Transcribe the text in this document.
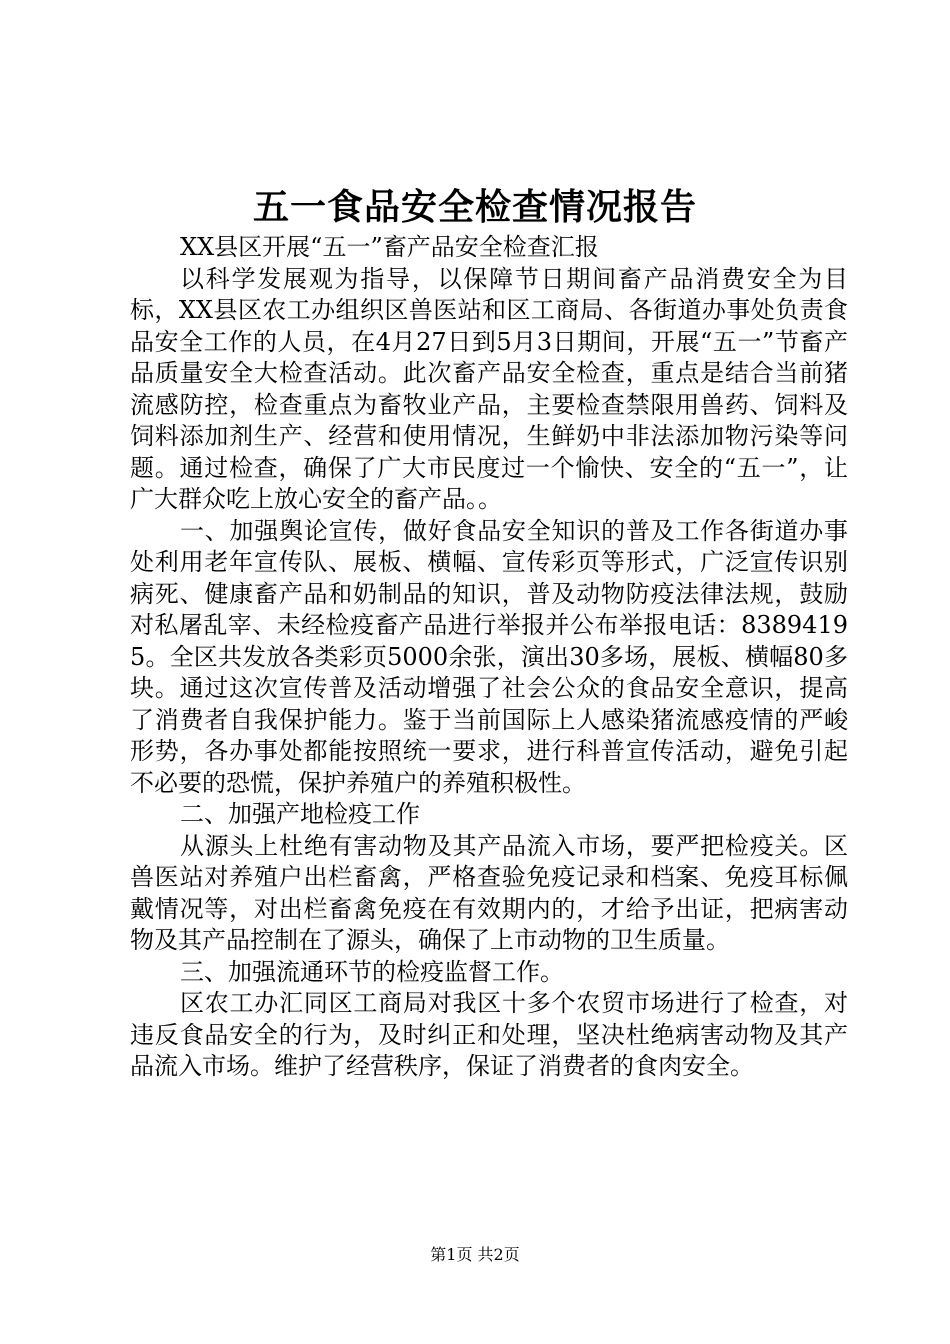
五一食品安全检查情况报告

XX县区开展“五一”畜产品安全检查汇报

以科学发展观为指导，以保障节日期间畜产品消费安全为目标，XX县区农工办组织区兽医站和区工商局、各街道办事处负责食品安全工作的人员，在4月27日到5月3日期间，开展“五一”节畜产品质量安全大检查活动。此次畜产品安全检查，重点是结合当前猪流感防控，检查重点为畜牧业产品，主要检查禁限用兽药、饲料及饲料添加剂生产、经营和使用情况，生鲜奶中非法添加物污染等问题。通过检查，确保了广大市民度过一个愉快、安全的“五一”，让广大群众吃上放心安全的畜产品。。

一、加强舆论宣传，做好食品安全知识的普及工作各街道办事处利用老年宣传队、展板、横幅、宣传彩页等形式，广泛宣传识别病死、健康畜产品和奶制品的知识，普及动物防疫法律法规，鼓励对私屠乱宰、未经检疫畜产品进行举报并公布举报电话：83894195。全区共发放各类彩页5000余张，演出30多场，展板、横幅80多块。通过这次宣传普及活动增强了社会公众的食品安全意识，提高了消费者自我保护能力。鉴于当前国际上人感染猪流感疫情的严峻形势，各办事处都能按照统一要求，进行科普宣传活动，避免引起不必要的恐慌，保护养殖户的养殖积极性。

二、加强产地检疫工作

从源头上杜绝有害动物及其产品流入市场，要严把检疫关。区兽医站对养殖户出栏畜禽，严格查验免疫记录和档案、免疫耳标佩戴情况等，对出栏畜禽免疫在有效期内的，才给予出证，把病害动物及其产品控制在了源头，确保了上市动物的卫生质量。

三、加强流通环节的检疫监督工作。

区农工办汇同区工商局对我区十多个农贸市场进行了检查，对违反食品安全的行为，及时纠正和处理，坚决杜绝病害动物及其产品流入市场。维护了经营秩序，保证了消费者的食肉安全。

第1页 共2页
